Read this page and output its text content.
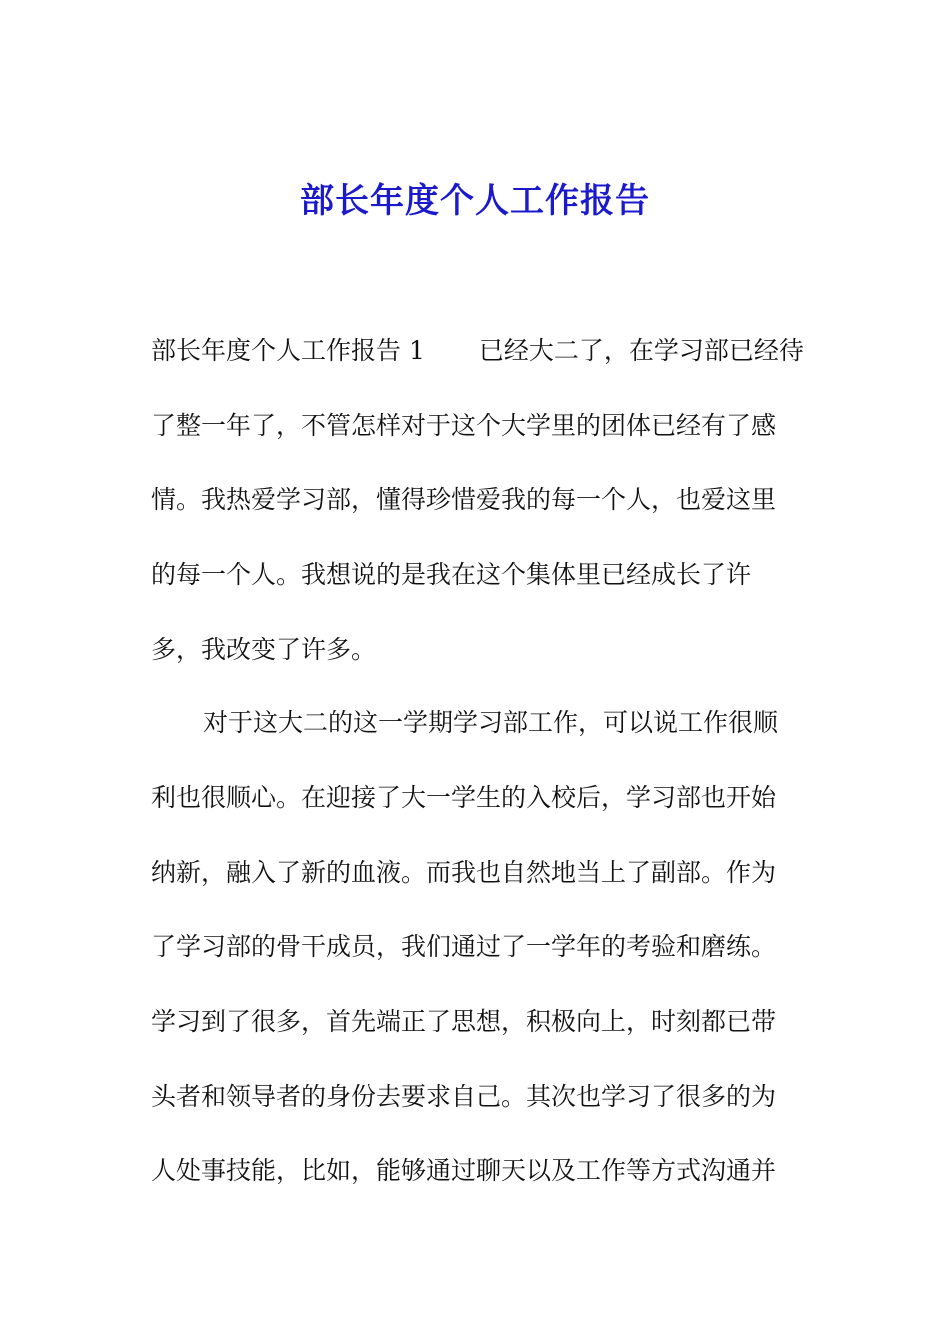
部长年度个人工作报告

部长年度个人工作报告 1 已经大二了，在学习部已经待

了整一年了，不管怎样对于这个大学里的团体已经有了感

情。我热爱学习部，懂得珍惜爱我的每一个人，也爱这里

的每一个人。我想说的是我在这个集体里已经成长了许

多，我改变了许多。

对于这大二的这一学期学习部工作，可以说工作很顺

利也很顺心。在迎接了大一学生的入校后，学习部也开始

纳新，融入了新的血液。而我也自然地当上了副部。作为

了学习部的骨干成员，我们通过了一学年的考验和磨练。

学习到了很多，首先端正了思想，积极向上，时刻都已带

头者和领导者的身份去要求自己。其次也学习了很多的为

人处事技能，比如，能够通过聊天以及工作等方式沟通并
